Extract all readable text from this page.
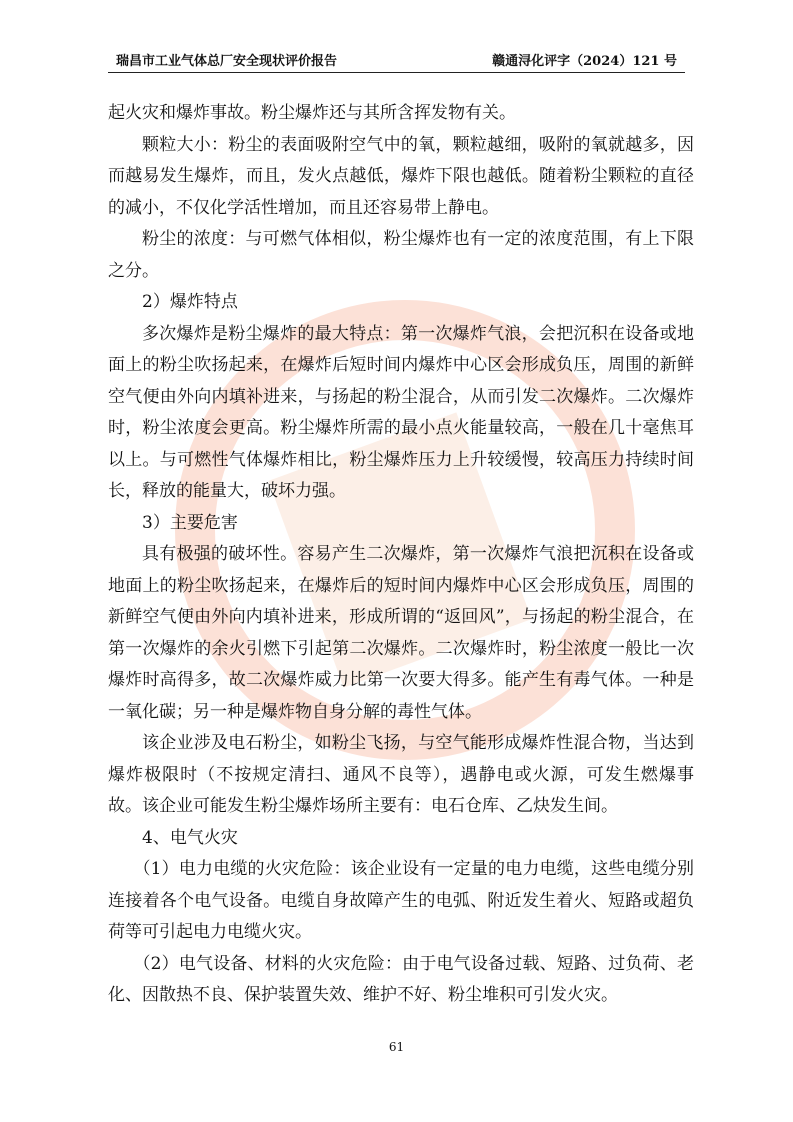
瑞昌市工业气体总厂安全现状评价报告	赣通浔化评字（2024）121 号

起火灾和爆炸事故。粉尘爆炸还与其所含挥发物有关。

颗粒大小：粉尘的表面吸附空气中的氧，颗粒越细，吸附的氧就越多，因而越易发生爆炸，而且，发火点越低，爆炸下限也越低。随着粉尘颗粒的直径的减小，不仅化学活性增加，而且还容易带上静电。

粉尘的浓度：与可燃气体相似，粉尘爆炸也有一定的浓度范围，有上下限之分。

2）爆炸特点

多次爆炸是粉尘爆炸的最大特点：第一次爆炸气浪，会把沉积在设备或地面上的粉尘吹扬起来，在爆炸后短时间内爆炸中心区会形成负压，周围的新鲜空气便由外向内填补进来，与扬起的粉尘混合，从而引发二次爆炸。二次爆炸时，粉尘浓度会更高。粉尘爆炸所需的最小点火能量较高，一般在几十毫焦耳以上。与可燃性气体爆炸相比，粉尘爆炸压力上升较缓慢，较高压力持续时间长，释放的能量大，破坏力强。

3）主要危害

具有极强的破坏性。容易产生二次爆炸，第一次爆炸气浪把沉积在设备或地面上的粉尘吹扬起来，在爆炸后的短时间内爆炸中心区会形成负压，周围的新鲜空气便由外向内填补进来，形成所谓的“返回风”，与扬起的粉尘混合，在第一次爆炸的余火引燃下引起第二次爆炸。二次爆炸时，粉尘浓度一般比一次爆炸时高得多，故二次爆炸威力比第一次要大得多。能产生有毒气体。一种是一氧化碳；另一种是爆炸物自身分解的毒性气体。

该企业涉及电石粉尘，如粉尘飞扬，与空气能形成爆炸性混合物，当达到爆炸极限时（不按规定清扫、通风不良等），遇静电或火源，可发生燃爆事故。该企业可能发生粉尘爆炸场所主要有：电石仓库、乙炔发生间。

4、电气火灾

（1）电力电缆的火灾危险：该企业设有一定量的电力电缆，这些电缆分别连接着各个电气设备。电缆自身故障产生的电弧、附近发生着火、短路或超负荷等可引起电力电缆火灾。

（2）电气设备、材料的火灾危险：由于电气设备过载、短路、过负荷、老化、因散热不良、保护装置失效、维护不好、粉尘堆积可引发火灾。

61
